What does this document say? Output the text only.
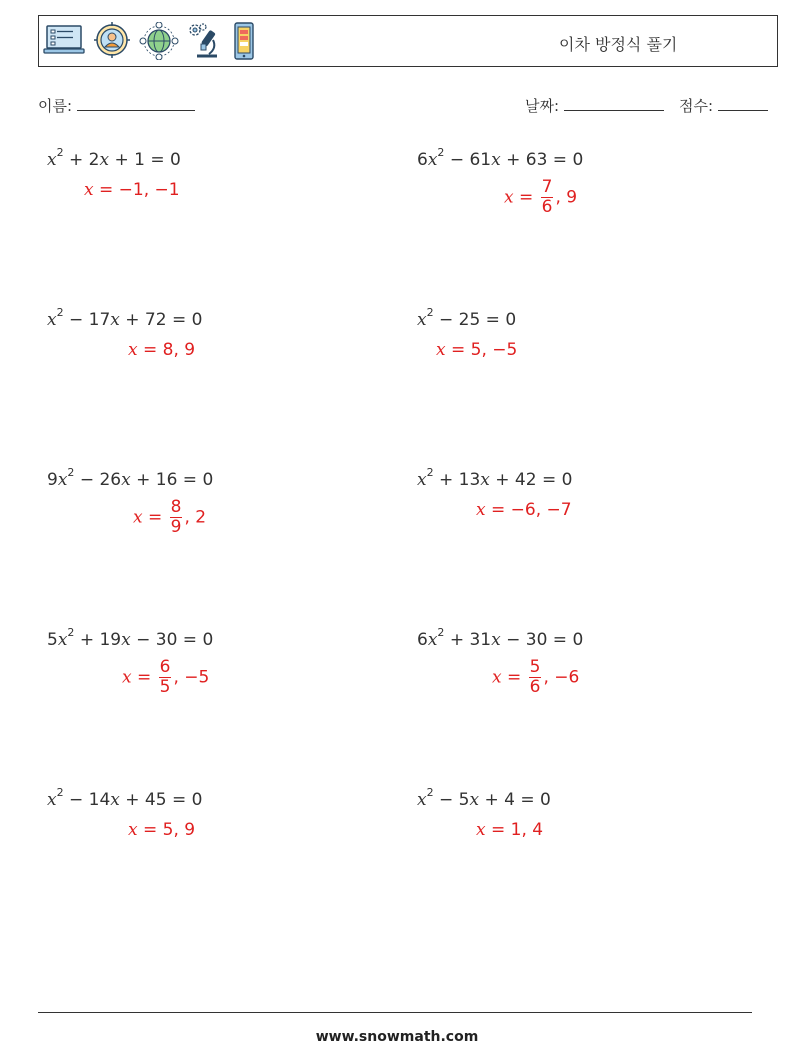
이차 방정식 풀기
이름:	날짜:	점수:
$x^2 + 2x + 1 = 0$
x = −1, −1
$6x^2 - 61x + 63 = 0$
$x = \frac{7}{6}$ , 9
$x^2 - 17x + 72 = 0$
x = 8, 9
$x^2 - 25 = 0$
x = 5, −5
$9x^2 - 26x + 16 = 0$
$x = \frac{8}{9}$ , 2
$x^2 + 13x + 42 = 0$
x = −6, −7
$5x^2 + 19x - 30 = 0$
$x = \frac{6}{5}$ , −5
$6x^2 + 31x - 30 = 0$
$x = \frac{5}{6}$ , −6
$x^2 - 14x + 45 = 0$
x = 5, 9
$x^2 - 5x + 4 = 0$
x = 1, 4
www.snowmath.com
